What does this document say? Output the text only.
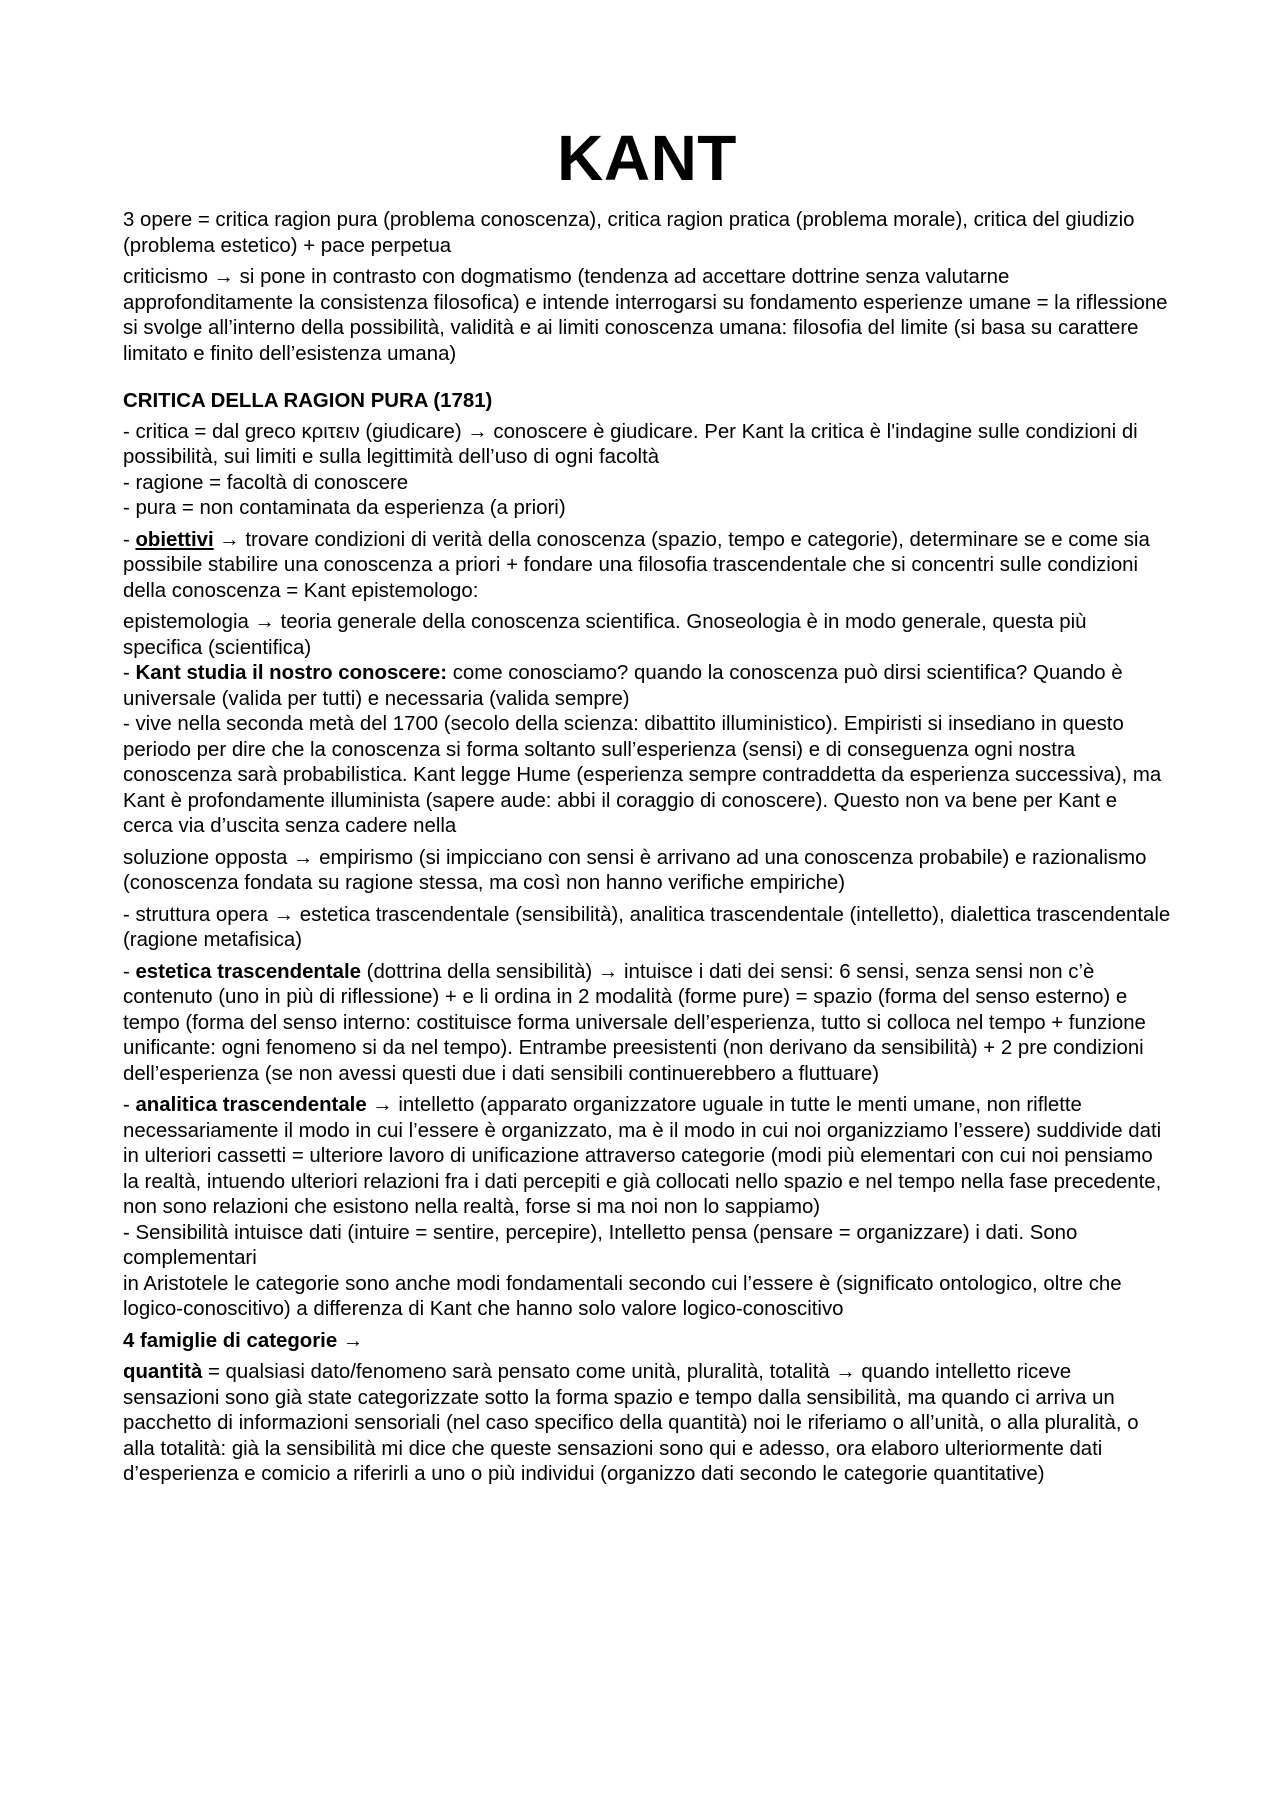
KANT

3 opere = critica ragion pura (problema conoscenza), critica ragion pratica (problema morale), critica del giudizio (problema estetico) + pace perpetua

criticismo → si pone in contrasto con dogmatismo (tendenza ad accettare dottrine senza valutarne approfonditamente la consistenza filosofica) e intende interrogarsi su fondamento esperienze umane = la riflessione si svolge all’interno della possibilità, validità e ai limiti conoscenza umana: filosofia del limite (si basa su carattere limitato e finito dell’esistenza umana)

CRITICA DELLA RAGION PURA (1781)

- critica = dal greco κριτειν (giudicare) → conoscere è giudicare. Per Kant la critica è l'indagine sulle condizioni di possibilità, sui limiti e sulla legittimità dell’uso di ogni facoltà

- ragione = facoltà di conoscere

- pura = non contaminata da esperienza (a priori)

- obiettivi → trovare condizioni di verità della conoscenza (spazio, tempo e categorie), determinare se e come sia possibile stabilire una conoscenza a priori + fondare una filosofia trascendentale che si concentri sulle condizioni della conoscenza = Kant epistemologo:

epistemologia → teoria generale della conoscenza scientifica. Gnoseologia è in modo generale, questa più specifica (scientifica)

- Kant studia il nostro conoscere: come conosciamo? quando la conoscenza può dirsi scientifica? Quando è universale (valida per tutti) e necessaria (valida sempre)

- vive nella seconda metà del 1700 (secolo della scienza: dibattito illuministico). Empiristi si insediano in questo periodo per dire che la conoscenza si forma soltanto sull’esperienza (sensi) e di conseguenza ogni nostra conoscenza sarà probabilistica. Kant legge Hume (esperienza sempre contraddetta da esperienza successiva), ma Kant è profondamente illuminista (sapere aude: abbi il coraggio di conoscere). Questo non va bene per Kant e cerca via d’uscita senza cadere nella

soluzione opposta → empirismo (si impicciano con sensi è arrivano ad una conoscenza probabile) e razionalismo (conoscenza fondata su ragione stessa, ma così non hanno verifiche empiriche)

- struttura opera → estetica trascendentale (sensibilità), analitica trascendentale (intelletto), dialettica trascendentale (ragione metafisica)

- estetica trascendentale (dottrina della sensibilità) → intuisce i dati dei sensi: 6 sensi, senza sensi non c’è contenuto (uno in più di riflessione) + e li ordina in 2 modalità (forme pure) = spazio (forma del senso esterno) e tempo (forma del senso interno: costituisce forma universale dell’esperienza, tutto si colloca nel tempo + funzione unificante: ogni fenomeno si da nel tempo). Entrambe preesistenti (non derivano da sensibilità) + 2 pre condizioni dell’esperienza (se non avessi questi due i dati sensibili continuerebbero a fluttuare)

- analitica trascendentale → intelletto (apparato organizzatore uguale in tutte le menti umane, non riflette necessariamente il modo in cui l’essere è organizzato, ma è il modo in cui noi organizziamo l’essere) suddivide dati in ulteriori cassetti = ulteriore lavoro di unificazione attraverso categorie (modi più elementari con cui noi pensiamo la realtà, intuendo ulteriori relazioni fra i dati percepiti e già collocati nello spazio e nel tempo nella fase precedente, non sono relazioni che esistono nella realtà, forse si ma noi non lo sappiamo)

- Sensibilità intuisce dati (intuire = sentire, percepire), Intelletto pensa (pensare = organizzare) i dati. Sono complementari

in Aristotele le categorie sono anche modi fondamentali secondo cui l’essere è (significato ontologico, oltre che logico-conoscitivo) a differenza di Kant che hanno solo valore logico-conoscitivo

4 famiglie di categorie →

quantità = qualsiasi dato/fenomeno sarà pensato come unità, pluralità, totalità → quando intelletto riceve sensazioni sono già state categorizzate sotto la forma spazio e tempo dalla sensibilità, ma quando ci arriva un pacchetto di informazioni sensoriali (nel caso specifico della quantità) noi le riferiamo o all’unità, o alla pluralità, o alla totalità: già la sensibilità mi dice che queste sensazioni sono qui e adesso, ora elaboro ulteriormente dati d’esperienza e comicio a riferirli a uno o più individui (organizzo dati secondo le categorie quantitative)
